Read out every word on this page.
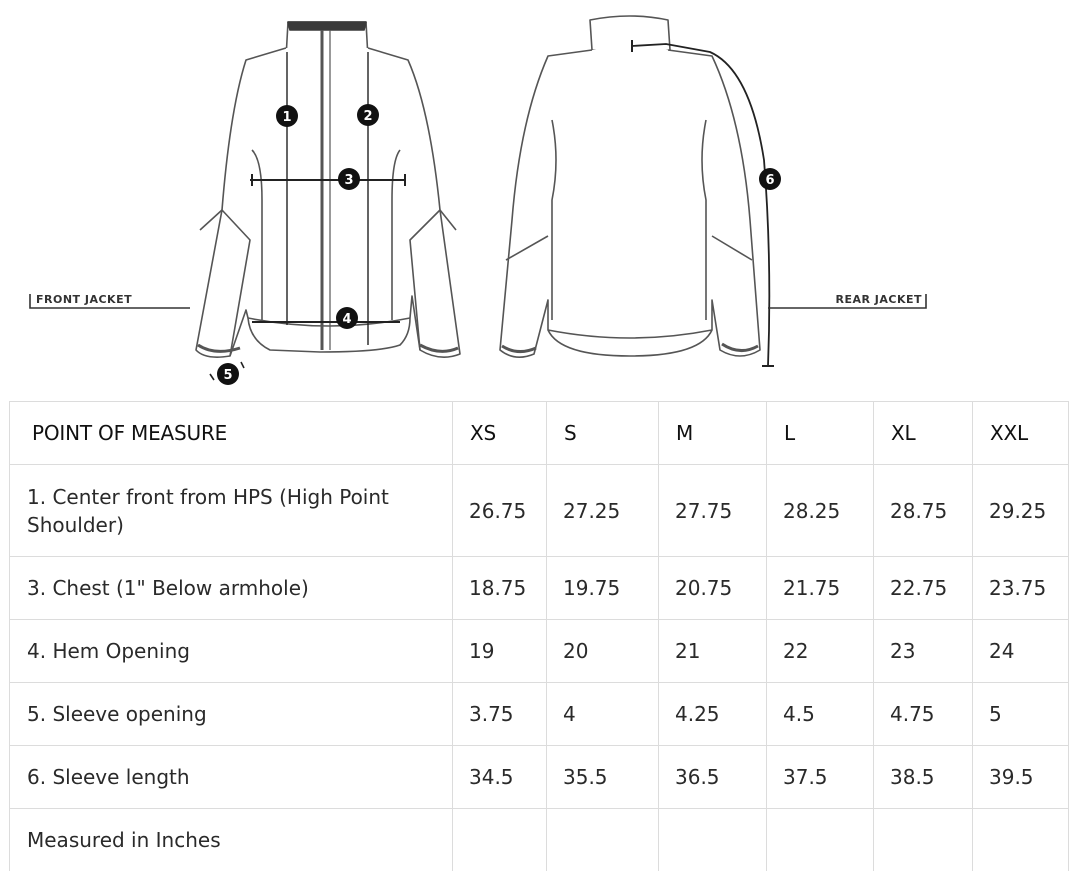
FRONT JACKET	REAR JACKET
1	2
3
4
5
6
POINT OF MEASURE	XS	S	M	L	XL	XXL
1. Center front from HPS (High Point Shoulder)	26.75	27.25	27.75	28.25	28.75	29.25
3. Chest (1" Below armhole)	18.75	19.75	20.75	21.75	22.75	23.75
4. Hem Opening	19	20	21	22	23	24
5. Sleeve opening	3.75	4	4.25	4.5	4.75	5
6. Sleeve length	34.5	35.5	36.5	37.5	38.5	39.5
Measured in Inches						
